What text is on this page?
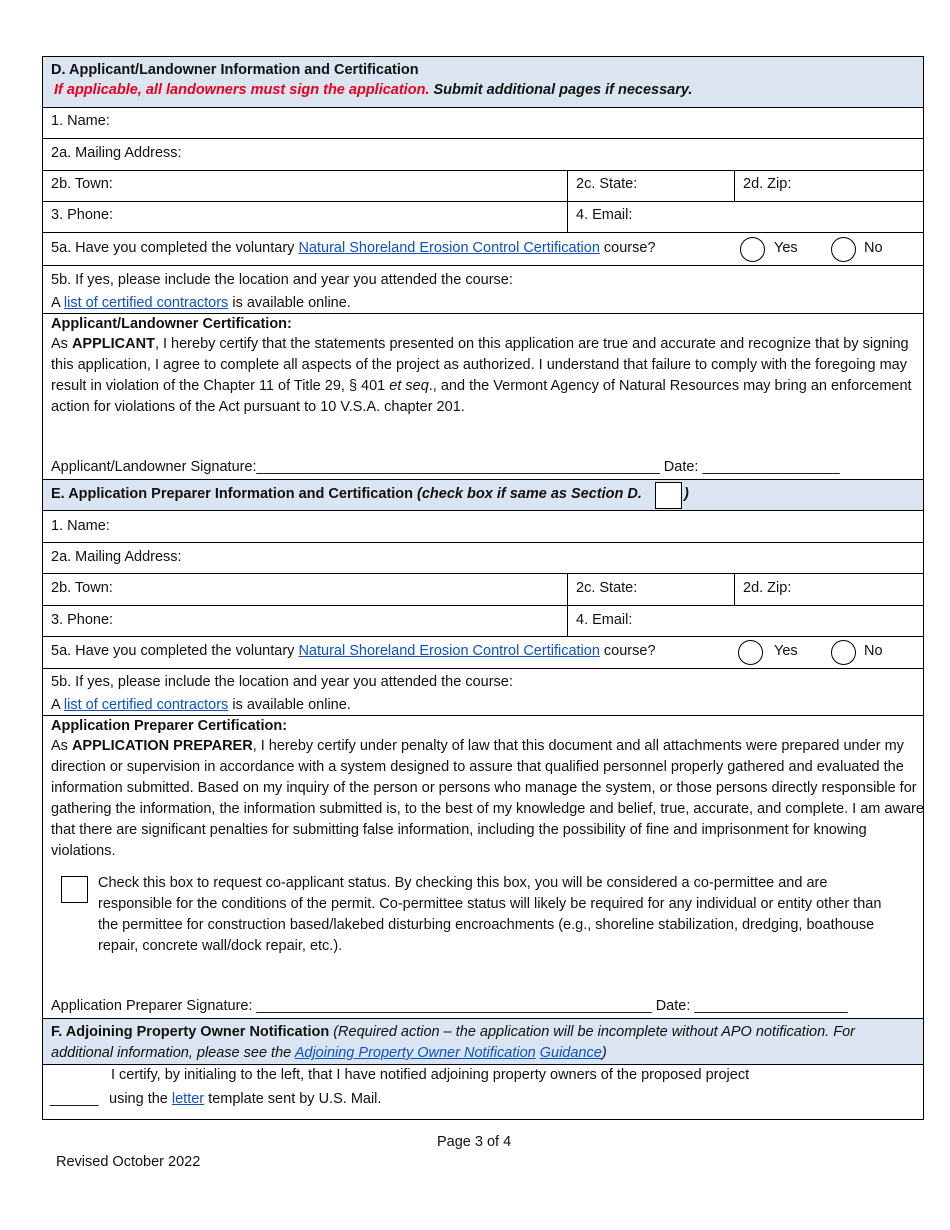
D. Applicant/Landowner Information and Certification
If applicable, all landowners must sign the application. Submit additional pages if necessary.
1. Name:
2a. Mailing Address:
2b. Town:	2c. State:	2d. Zip:
3. Phone:	4. Email:
5a. Have you completed the voluntary Natural Shoreland Erosion Control Certification course?	Yes	No
5b. If yes, please include the location and year you attended the course:
A list of certified contractors is available online.
Applicant/Landowner Certification:

As APPLICANT, I hereby certify that the statements presented on this application are true and accurate and recognize that by signing this application, I agree to complete all aspects of the project as authorized. I understand that failure to comply with the foregoing may result in violation of the Chapter 11 of Title 29, § 401 et seq., and the Vermont Agency of Natural Resources may bring an enforcement action for violations of the Act pursuant to 10 V.S.A. chapter 201.

Applicant/Landowner Signature:__________________________________________________ Date: _________________
E. Application Preparer Information and Certification (check box if same as Section D.	)
1. Name:
2a. Mailing Address:
2b. Town:	2c. State:	2d. Zip:
3. Phone:	4. Email:
5a. Have you completed the voluntary Natural Shoreland Erosion Control Certification course?	Yes	No
5b. If yes, please include the location and year you attended the course:
A list of certified contractors is available online.
Application Preparer Certification:

As APPLICATION PREPARER, I hereby certify under penalty of law that this document and all attachments were prepared under my direction or supervision in accordance with a system designed to assure that qualified personnel properly gathered and evaluated the information submitted. Based on my inquiry of the person or persons who manage the system, or those persons directly responsible for gathering the information, the information submitted is, to the best of my knowledge and belief, true, accurate, and complete. I am aware that there are significant penalties for submitting false information, including the possibility of fine and imprisonment for knowing violations.

Check this box to request co-applicant status. By checking this box, you will be considered a co-permittee and are responsible for the conditions of the permit. Co-permittee status will likely be required for any individual or entity other than the permittee for construction based/lakebed disturbing encroachments (e.g., shoreline stabilization, dredging, boathouse repair, concrete wall/dock repair, etc.).

Application Preparer Signature: _________________________________________________ Date: ___________________
F. Adjoining Property Owner Notification (Required action – the application will be incomplete without APO notification. For additional information, please see the Adjoining Property Owner Notification Guidance)
I certify, by initialing to the left, that I have notified adjoining property owners of the proposed project
______ using the letter template sent by U.S. Mail.
Page 3 of 4
Revised October 2022
